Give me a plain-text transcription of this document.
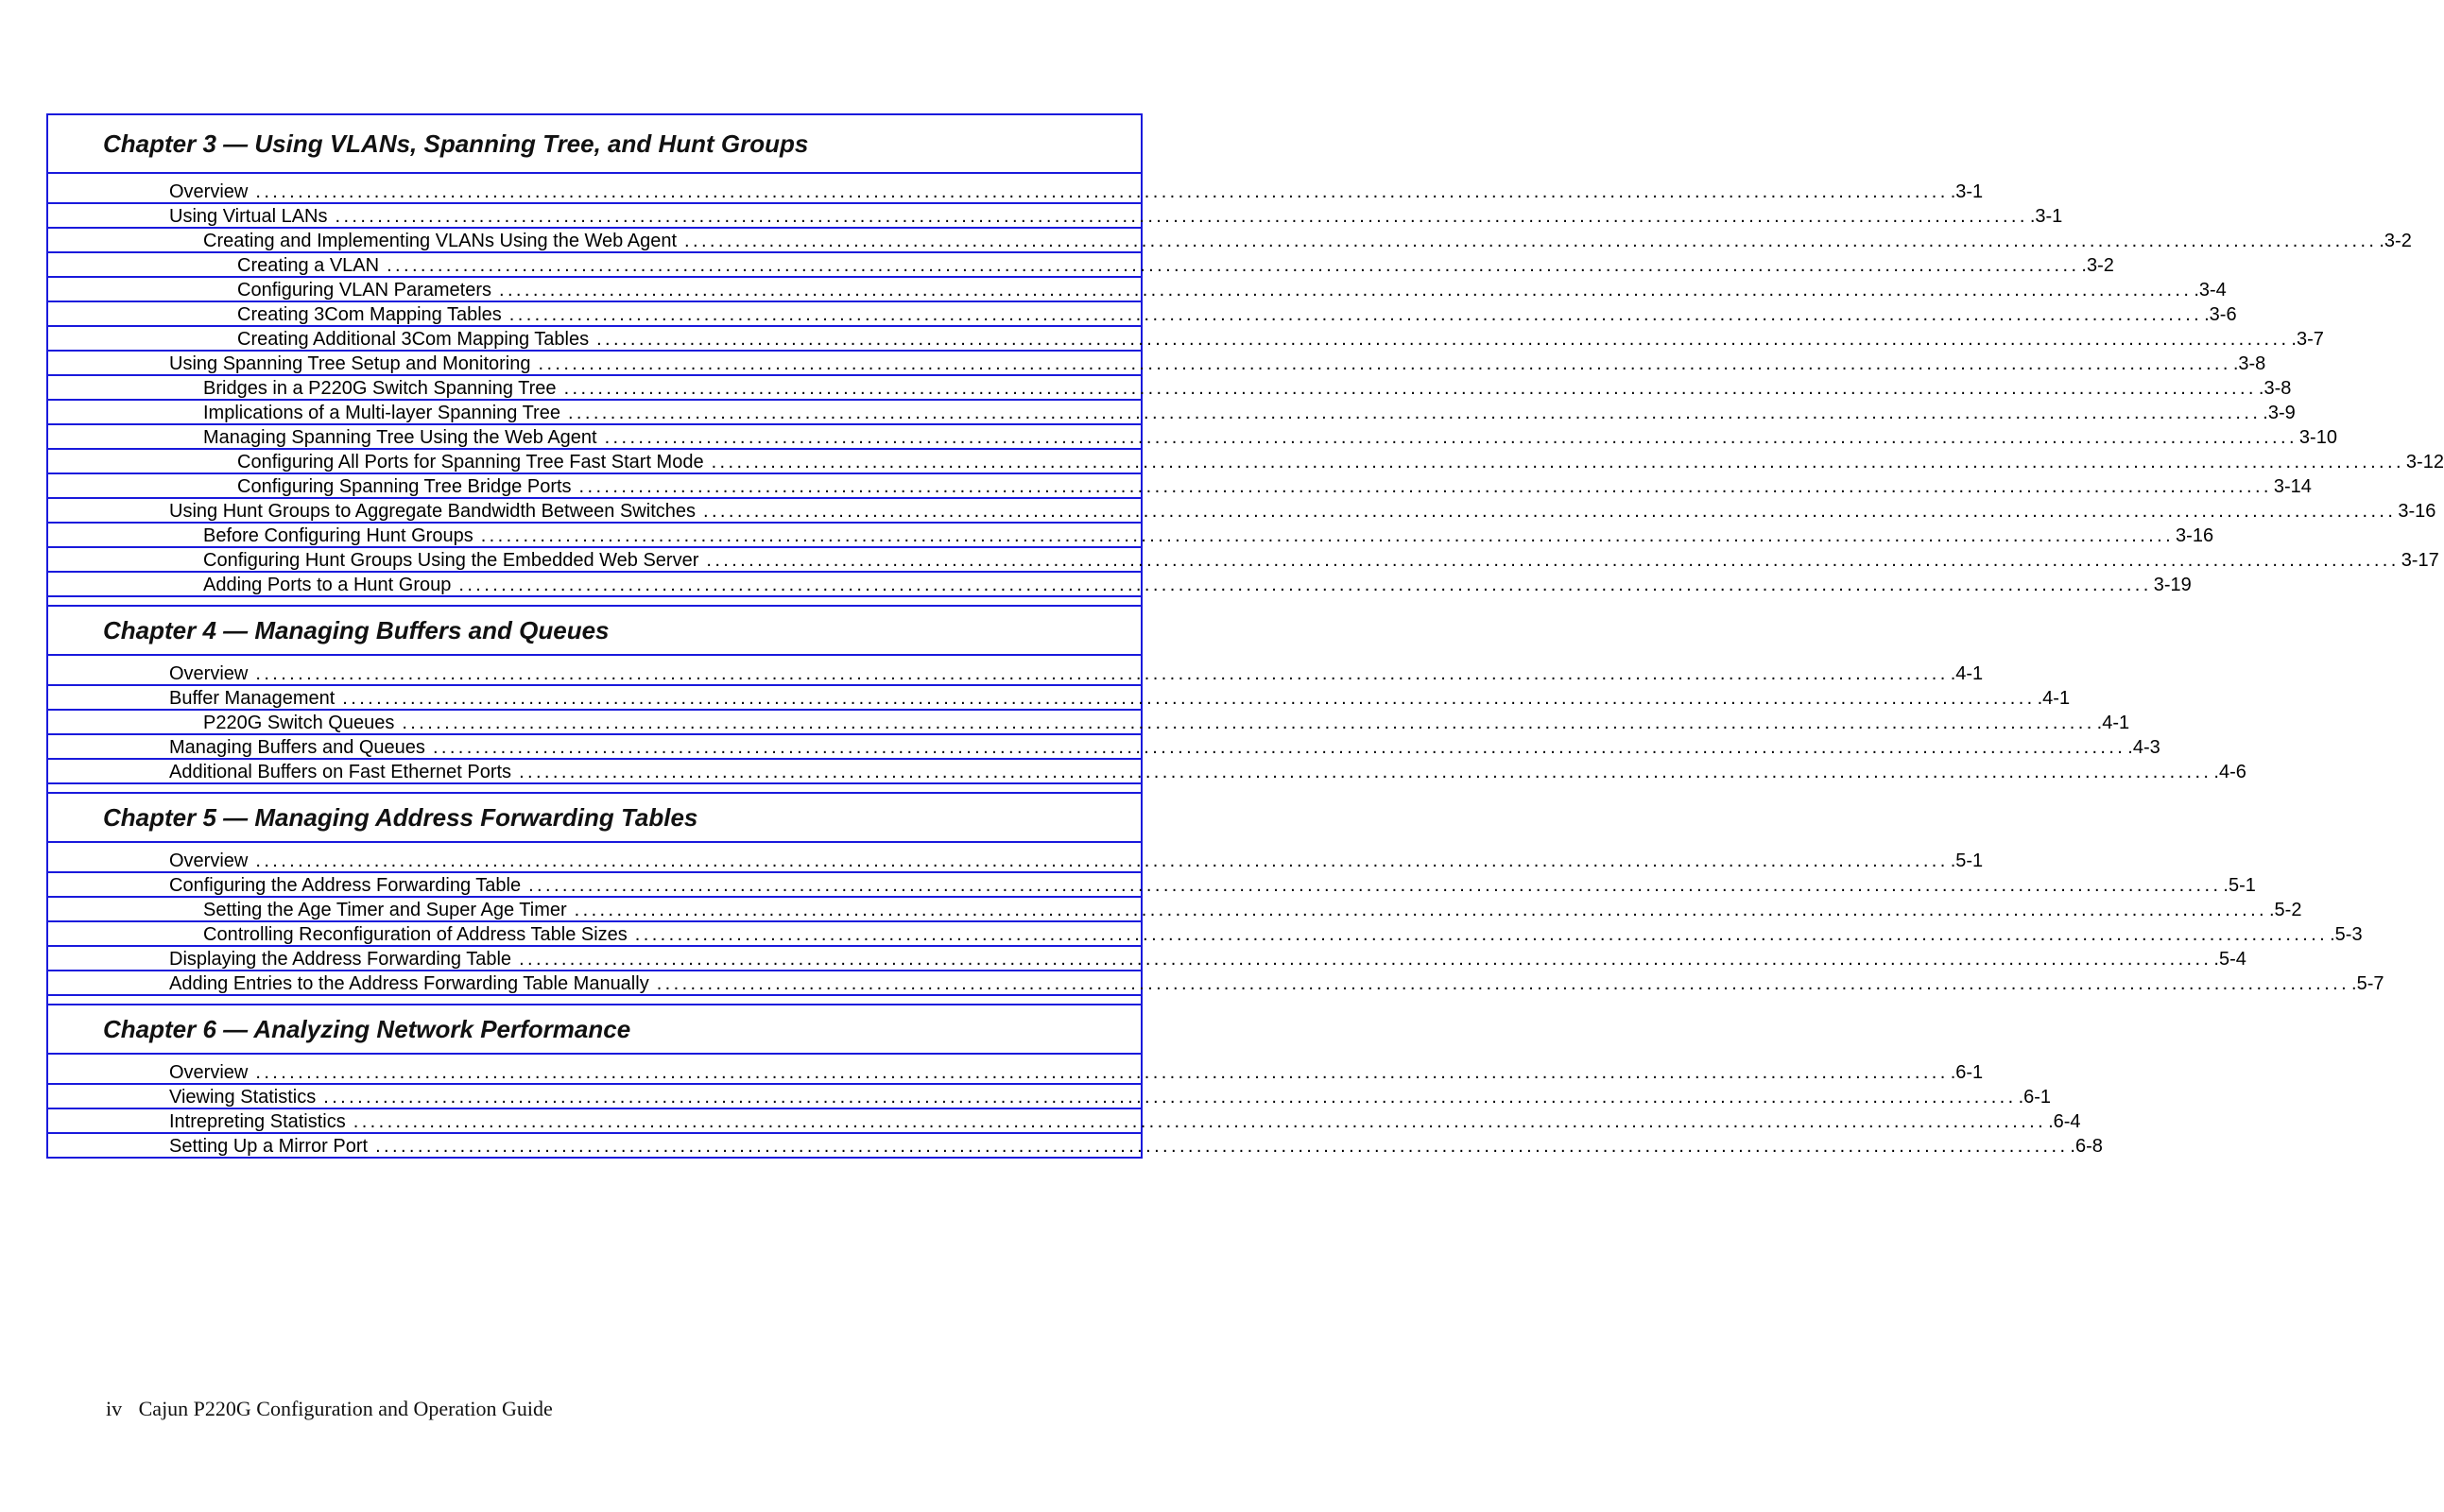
Chapter 3 — Using VLANs, Spanning Tree, and Hunt Groups
Overview ........................................................................................................................................................................................................ .3-1
Using Virtual LANs ........................................................................................................................................................................................................ .3-1
Creating and Implementing VLANs Using the Web Agent ........................................................................................................................................................................................................ .3-2
Creating a VLAN ........................................................................................................................................................................................................ .3-2
Configuring VLAN Parameters ........................................................................................................................................................................................................ .3-4
Creating 3Com Mapping Tables ........................................................................................................................................................................................................ .3-6
Creating Additional 3Com Mapping Tables ........................................................................................................................................................................................................ .3-7
Using Spanning Tree Setup and Monitoring ........................................................................................................................................................................................................ .3-8
Bridges in a P220G Switch Spanning Tree ........................................................................................................................................................................................................ .3-8
Implications of a Multi-layer Spanning Tree ........................................................................................................................................................................................................ .3-9
Managing Spanning Tree Using the Web Agent ........................................................................................................................................................................................................ 3-10
Configuring All Ports for Spanning Tree Fast Start Mode ........................................................................................................................................................................................................ 3-12
Configuring Spanning Tree Bridge Ports ........................................................................................................................................................................................................ 3-14
Using Hunt Groups to Aggregate Bandwidth Between Switches ........................................................................................................................................................................................................ 3-16
Before Configuring Hunt Groups ........................................................................................................................................................................................................ 3-16
Configuring Hunt Groups Using the Embedded Web Server ........................................................................................................................................................................................................ 3-17
Adding Ports to a Hunt Group ........................................................................................................................................................................................................ 3-19
Chapter 4 — Managing Buffers and Queues
Overview ........................................................................................................................................................................................................ .4-1
Buffer Management ........................................................................................................................................................................................................ .4-1
P220G Switch Queues ........................................................................................................................................................................................................ .4-1
Managing Buffers and Queues ........................................................................................................................................................................................................ .4-3
Additional Buffers on Fast Ethernet Ports ........................................................................................................................................................................................................ .4-6
Chapter 5 — Managing Address Forwarding Tables
Overview ........................................................................................................................................................................................................ .5-1
Configuring the Address Forwarding Table ........................................................................................................................................................................................................ .5-1
Setting the Age Timer and Super Age Timer ........................................................................................................................................................................................................ .5-2
Controlling Reconfiguration of Address Table Sizes ........................................................................................................................................................................................................ .5-3
Displaying the Address Forwarding Table ........................................................................................................................................................................................................ .5-4
Adding Entries to the Address Forwarding Table Manually ........................................................................................................................................................................................................ .5-7
Chapter 6 — Analyzing Network Performance
Overview ........................................................................................................................................................................................................ .6-1
Viewing Statistics ........................................................................................................................................................................................................ .6-1
Intrepreting Statistics ........................................................................................................................................................................................................ .6-4
Setting Up a Mirror Port ........................................................................................................................................................................................................ .6-8
iv Cajun P220G Configuration and Operation Guide
